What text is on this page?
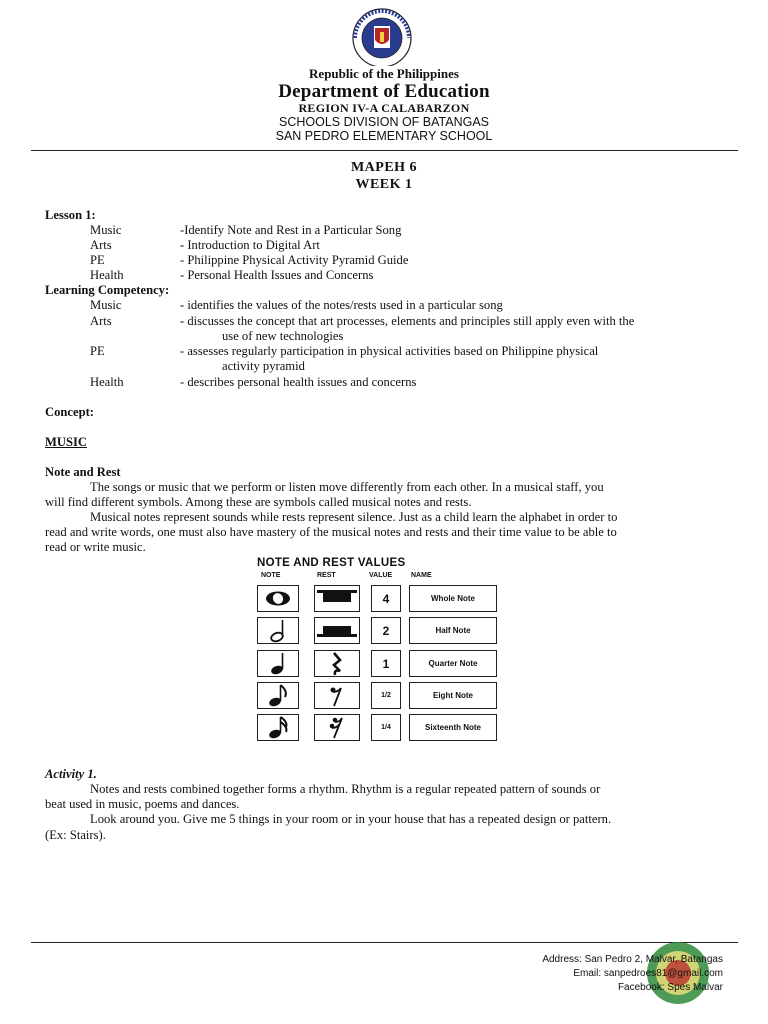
Republic of the Philippines
Department of Education
REGION IV-A CALABARZON
SCHOOLS DIVISION OF BATANGAS
SAN PEDRO ELEMENTARY SCHOOL
MAPEH 6
WEEK 1
Lesson 1:
Music	-Identify Note and Rest in a Particular Song
Arts	- Introduction to Digital Art
PE	- Philippine Physical Activity Pyramid Guide
Health	- Personal Health Issues and Concerns
Learning Competency:
Music	- identifies the values of the notes/rests used in a particular song
Arts	- discusses the concept that art processes, elements and principles still apply even with the
use of new technologies
PE	- assesses regularly participation in physical activities based on Philippine physical
activity pyramid
Health	- describes personal health issues and concerns
Concept:
MUSIC
Note and Rest
The songs or music that we perform or listen move differently from each other. In a musical staff, you
will find different symbols. Among these are symbols called musical notes and rests.
Musical notes represent sounds while rests represent silence. Just as a child learn the alphabet in order to
read and write words, one must also have mastery of the musical notes and rests and their time value to be able to
read or write music.
NOTE AND REST VALUES
NOTE	REST	VALUE	NAME
4	Whole Note
2	Half Note
1	Quarter Note
1/2	Eight Note
1/4	Sixteenth Note
Activity 1.
Notes and rests combined together forms a rhythm. Rhythm is a regular repeated pattern of sounds or
beat used in music, poems and dances.
Look around you. Give me 5 things in your room or in your house that has a repeated design or pattern.
(Ex: Stairs).
Address: San Pedro 2, Malvar, Batangas
Email: sanpedroes81@gmail.com
Facebook: Spes Malvar
